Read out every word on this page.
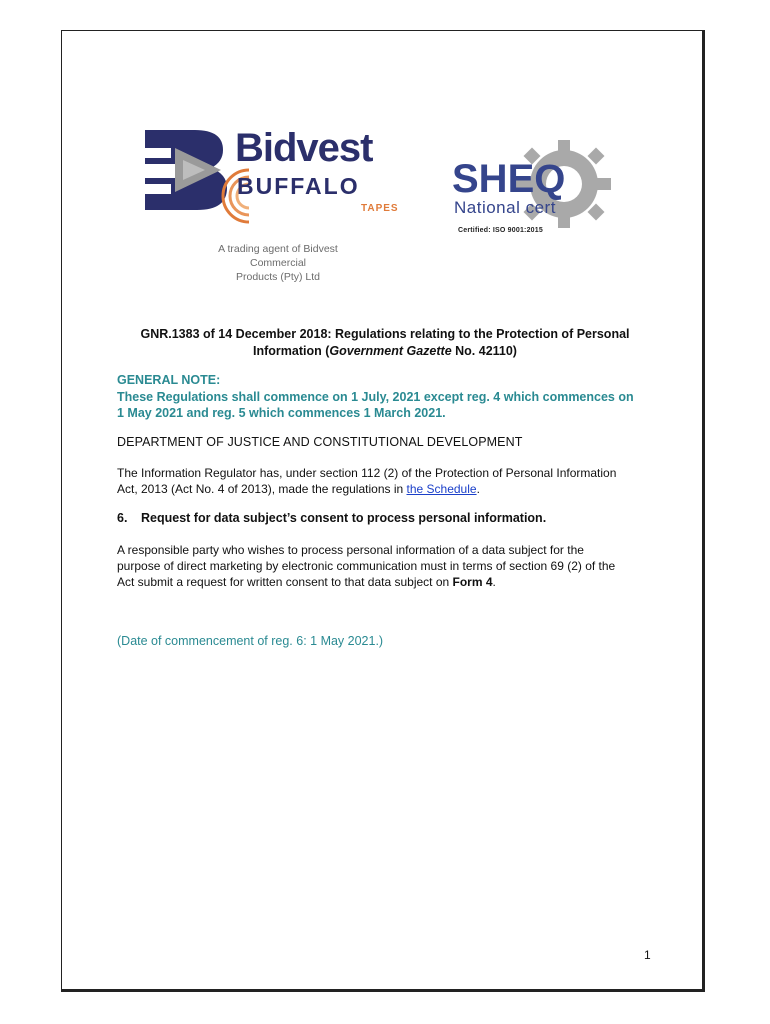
Bidvest
BUFFALO
TAPES
A trading agent of Bidvest Commercial
Products (Pty) Ltd
SHEQ
National cert
Certified: ISO 9001:2015
GNR.1383 of 14 December 2018: Regulations relating to the Protection of Personal
Information (Government Gazette No. 42110)
GENERAL NOTE:
These Regulations shall commence on 1 July, 2021 except reg. 4 which commences on
1 May 2021 and reg. 5 which commences 1 March 2021.
DEPARTMENT OF JUSTICE AND CONSTITUTIONAL DEVELOPMENT
The Information Regulator has, under section 112 (2) of the Protection of Personal Information
Act, 2013 (Act No. 4 of 2013), made the regulations in the Schedule.
6. Request for data subject’s consent to process personal information.
A responsible party who wishes to process personal information of a data subject for the
purpose of direct marketing by electronic communication must in terms of section 69 (2) of the
Act submit a request for written consent to that data subject on Form 4.
(Date of commencement of reg. 6: 1 May 2021.)
1
